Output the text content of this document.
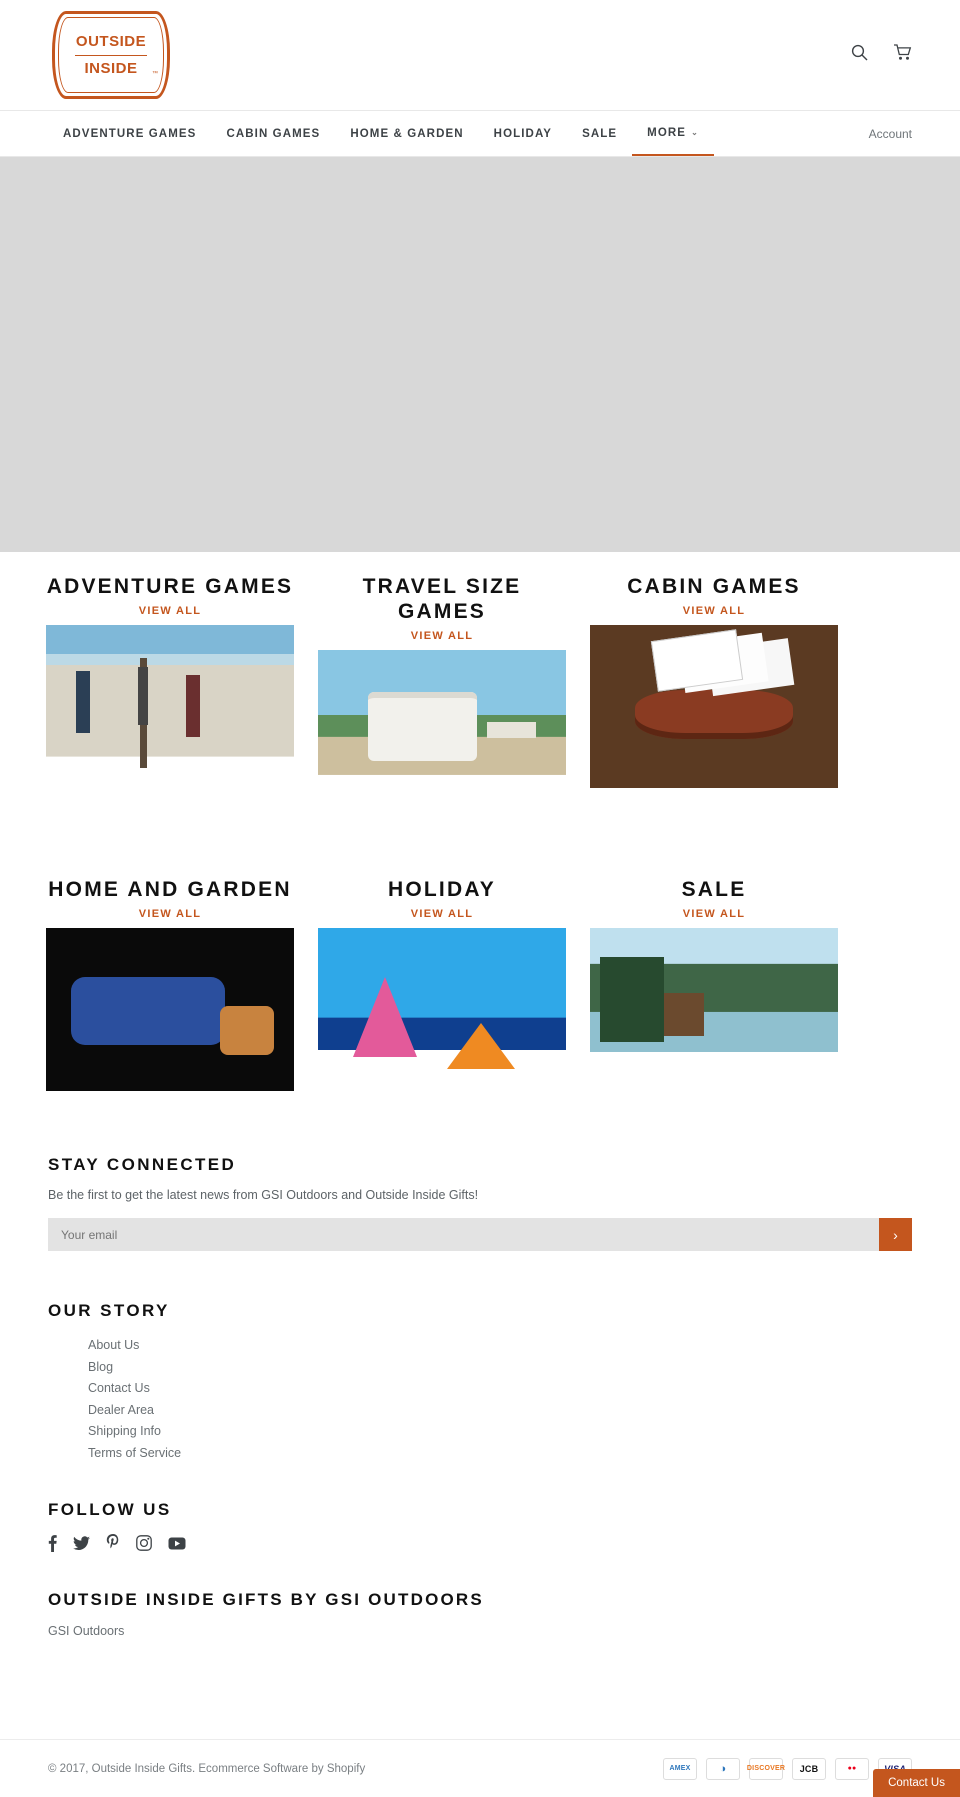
OUTSIDE
INSIDE ™
ADVENTURE GAMES	CABIN GAMES	HOME & GARDEN	HOLIDAY	SALE	MORE ⌄	Account
ADVENTURE GAMES
VIEW ALL
TRAVEL SIZE GAMES
VIEW ALL
CABIN GAMES
VIEW ALL
HOME AND GARDEN
VIEW ALL
HOLIDAY
VIEW ALL
SALE
VIEW ALL
STAY CONNECTED
Be the first to get the latest news from GSI Outdoors and Outside Inside Gifts!
Your email
›
OUR STORY
About Us
Blog
Contact Us
Dealer Area
Shipping Info
Terms of Service
FOLLOW US
OUTSIDE INSIDE GIFTS BY GSI OUTDOORS
GSI Outdoors
© 2017, Outside Inside Gifts. Ecommerce Software by Shopify	AMEX	◑	DISCOVER	JCB	●●
Contact Us
